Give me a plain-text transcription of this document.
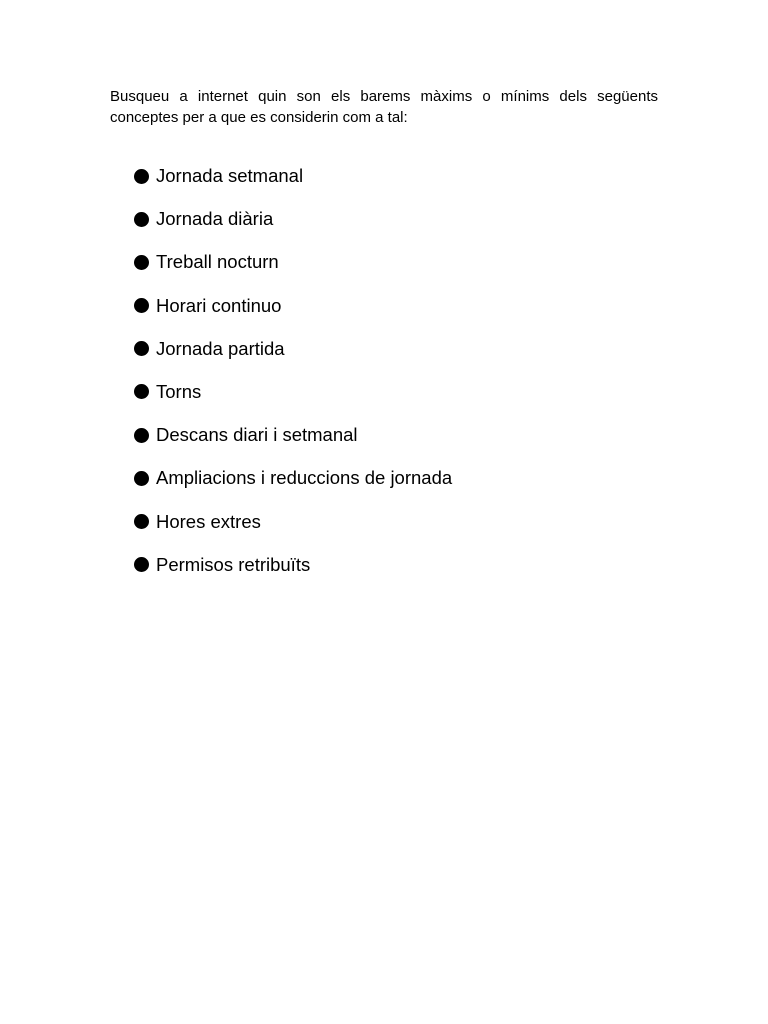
Busqueu a internet quin son els barems màxims o mínims dels següents conceptes per a que es considerin com a tal:

Jornada setmanal
Jornada diària
Treball nocturn
Horari continuo
Jornada partida
Torns
Descans diari i setmanal
Ampliacions i reduccions de jornada
Hores extres
Permisos retribuïts
